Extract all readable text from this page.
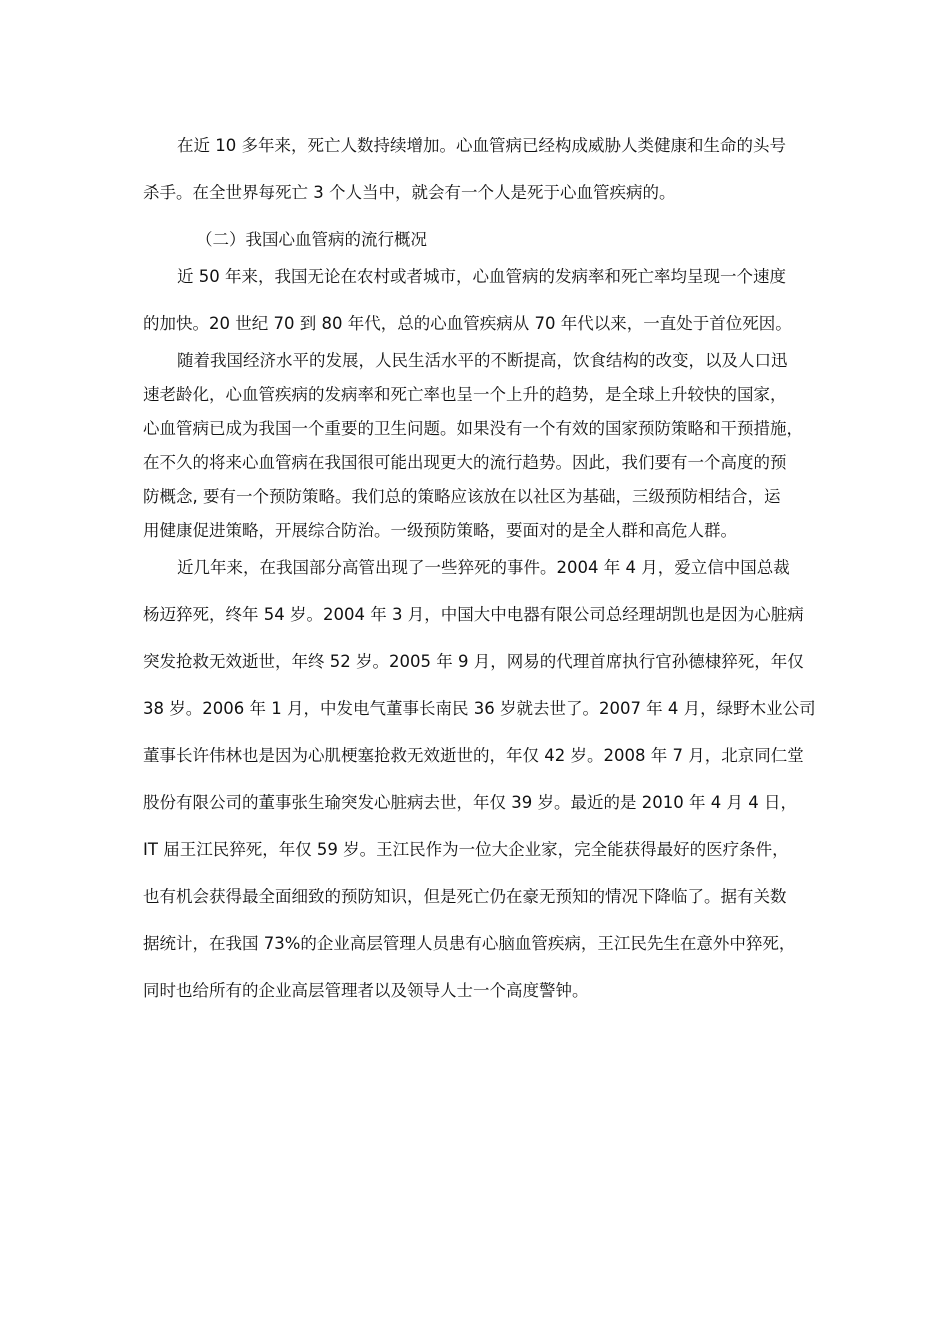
在近 10 多年来，死亡人数持续增加。心血管病已经构成威胁人类健康和生命的头号
杀手。在全世界每死亡 3 个人当中，就会有一个人是死于心血管疾病的。
（二）我国心血管病的流行概况
近 50 年来，我国无论在农村或者城市，心血管病的发病率和死亡率均呈现一个速度
的加快。20 世纪 70 到 80 年代，总的心血管疾病从 70 年代以来，一直处于首位死因。
随着我国经济水平的发展，人民生活水平的不断提高，饮食结构的改变，以及人口迅
速老龄化，心血管疾病的发病率和死亡率也呈一个上升的趋势，是全球上升较快的国家，
心血管病已成为我国一个重要的卫生问题。如果没有一个有效的国家预防策略和干预措施，
在不久的将来心血管病在我国很可能出现更大的流行趋势。因此，我们要有一个高度的预
防概念, 要有一个预防策略。我们总的策略应该放在以社区为基础，三级预防相结合，运
用健康促进策略，开展综合防治。一级预防策略，要面对的是全人群和高危人群。
近几年来，在我国部分高管出现了一些猝死的事件。2004 年 4 月，爱立信中国总裁
杨迈猝死，终年 54 岁。2004 年 3 月，中国大中电器有限公司总经理胡凯也是因为心脏病
突发抢救无效逝世，年终 52 岁。2005 年 9 月，网易的代理首席执行官孙德棣猝死，年仅
38 岁。2006 年 1 月，中发电气董事长南民 36 岁就去世了。2007 年 4 月，绿野木业公司
董事长许伟林也是因为心肌梗塞抢救无效逝世的，年仅 42 岁。2008 年 7 月，北京同仁堂
股份有限公司的董事张生瑜突发心脏病去世，年仅 39 岁。最近的是 2010 年 4 月 4 日，
IT 届王江民猝死，年仅 59 岁。王江民作为一位大企业家，完全能获得最好的医疗条件，
也有机会获得最全面细致的预防知识，但是死亡仍在豪无预知的情况下降临了。据有关数
据统计，在我国 73%的企业高层管理人员患有心脑血管疾病，王江民先生在意外中猝死，
同时也给所有的企业高层管理者以及领导人士一个高度警钟。
